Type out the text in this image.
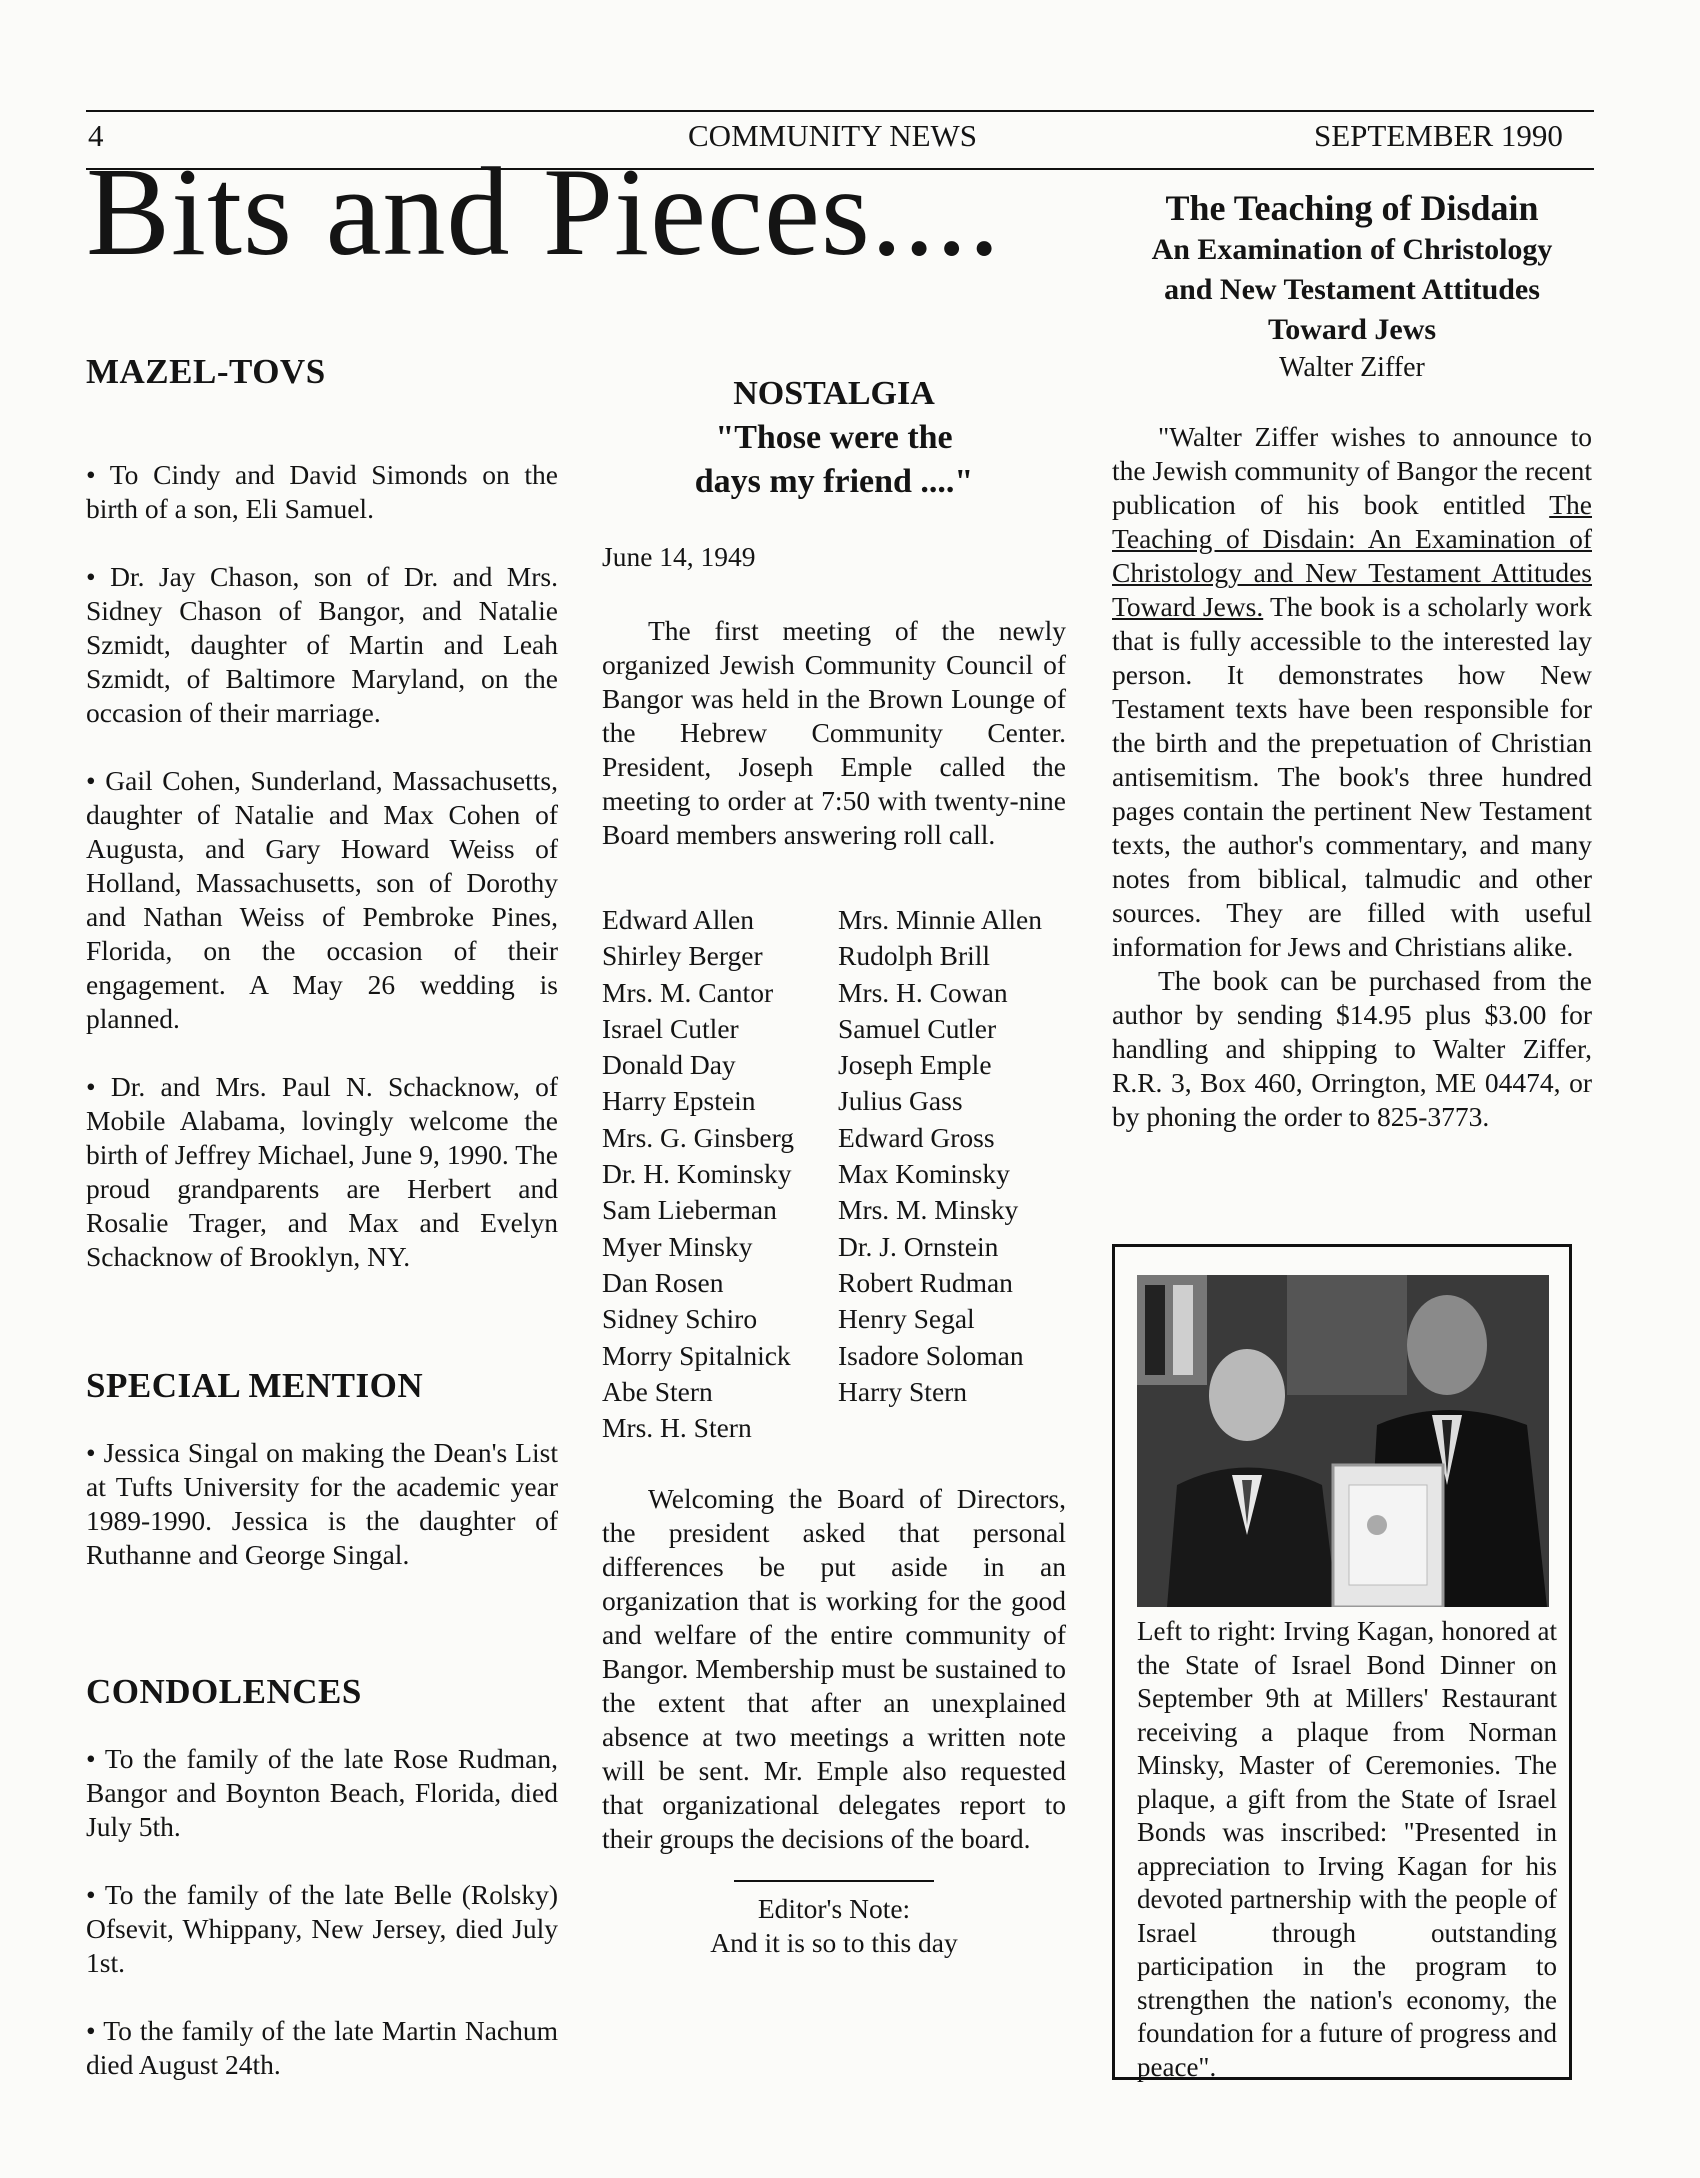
4	COMMUNITY NEWS	SEPTEMBER 1990
Bits and Pieces....
MAZEL-TOVS

• To Cindy and David Simonds on the birth of a son, Eli Samuel.

• Dr. Jay Chason, son of Dr. and Mrs. Sidney Chason of Bangor, and Natalie Szmidt, daughter of Martin and Leah Szmidt, of Baltimore Maryland, on the occasion of their marriage.

• Gail Cohen, Sunderland, Massachusetts, daughter of Natalie and Max Cohen of Augusta, and Gary Howard Weiss of Holland, Massachusetts, son of Dorothy and Nathan Weiss of Pembroke Pines, Florida, on the occasion of their engagement. A May 26 wedding is planned.

• Dr. and Mrs. Paul N. Schacknow, of Mobile Alabama, lovingly welcome the birth of Jeffrey Michael, June 9, 1990. The proud grandparents are Herbert and Rosalie Trager, and Max and Evelyn Schacknow of Brooklyn, NY.

SPECIAL MENTION

• Jessica Singal on making the Dean's List at Tufts University for the academic year 1989-1990. Jessica is the daughter of Ruthanne and George Singal.

CONDOLENCES

• To the family of the late Rose Rudman, Bangor and Boynton Beach, Florida, died July 5th.

• To the family of the late Belle (Rolsky) Ofsevit, Whippany, New Jersey, died July 1st.

• To the family of the late Martin Nachum died August 24th.

NOSTALGIA
"Those were the
days my friend ...."

June 14, 1949

The first meeting of the newly organized Jewish Community Council of Bangor was held in the Brown Lounge of the Hebrew Community Center. President, Joseph Emple called the meeting to order at 7:50 with twenty-nine Board members answering roll call.

Edward Allen	Mrs. Minnie Allen
Shirley Berger	Rudolph Brill
Mrs. M. Cantor	Mrs. H. Cowan
Israel Cutler	Samuel Cutler
Donald Day	Joseph Emple
Harry Epstein	Julius Gass
Mrs. G. Ginsberg	Edward Gross
Dr. H. Kominsky	Max Kominsky
Sam Lieberman	Mrs. M. Minsky
Myer Minsky	Dr. J. Ornstein
Dan Rosen	Robert Rudman
Sidney Schiro	Henry Segal
Morry Spitalnick	Isadore Soloman
Abe Stern	Harry Stern
Mrs. H. Stern

Welcoming the Board of Directors, the president asked that personal differences be put aside in an organization that is working for the good and welfare of the entire community of Bangor. Membership must be sustained to the extent that after an unexplained absence at two meetings a written note will be sent. Mr. Emple also requested that organizational delegates report to their groups the decisions of the board.

Editor's Note:
And it is so to this day
The Teaching of Disdain
An Examination of Christology
and New Testament Attitudes
Toward Jews
Walter Ziffer

"Walter Ziffer wishes to announce to the Jewish community of Bangor the recent publication of his book entitled The Teaching of Disdain: An Examination of Christology and New Testament Attitudes Toward Jews. The book is a scholarly work that is fully accessible to the interested lay person. It demonstrates how New Testament texts have been responsible for the birth and the prepetuation of Christian antisemitism. The book's three hundred pages contain the pertinent New Testament texts, the author's commentary, and many notes from biblical, talmudic and other sources. They are filled with useful information for Jews and Christians alike.

The book can be purchased from the author by sending $14.95 plus $3.00 for handling and shipping to Walter Ziffer, R.R. 3, Box 460, Orrington, ME 04474, or by phoning the order to 825-3773.

Left to right: Irving Kagan, honored at the State of Israel Bond Dinner on September 9th at Millers' Restaurant receiving a plaque from Norman Minsky, Master of Ceremonies. The plaque, a gift from the State of Israel Bonds was inscribed: "Presented in appreciation to Irving Kagan for his devoted partnership with the people of Israel through outstanding participation in the program to strengthen the nation's economy, the foundation for a future of progress and peace".
